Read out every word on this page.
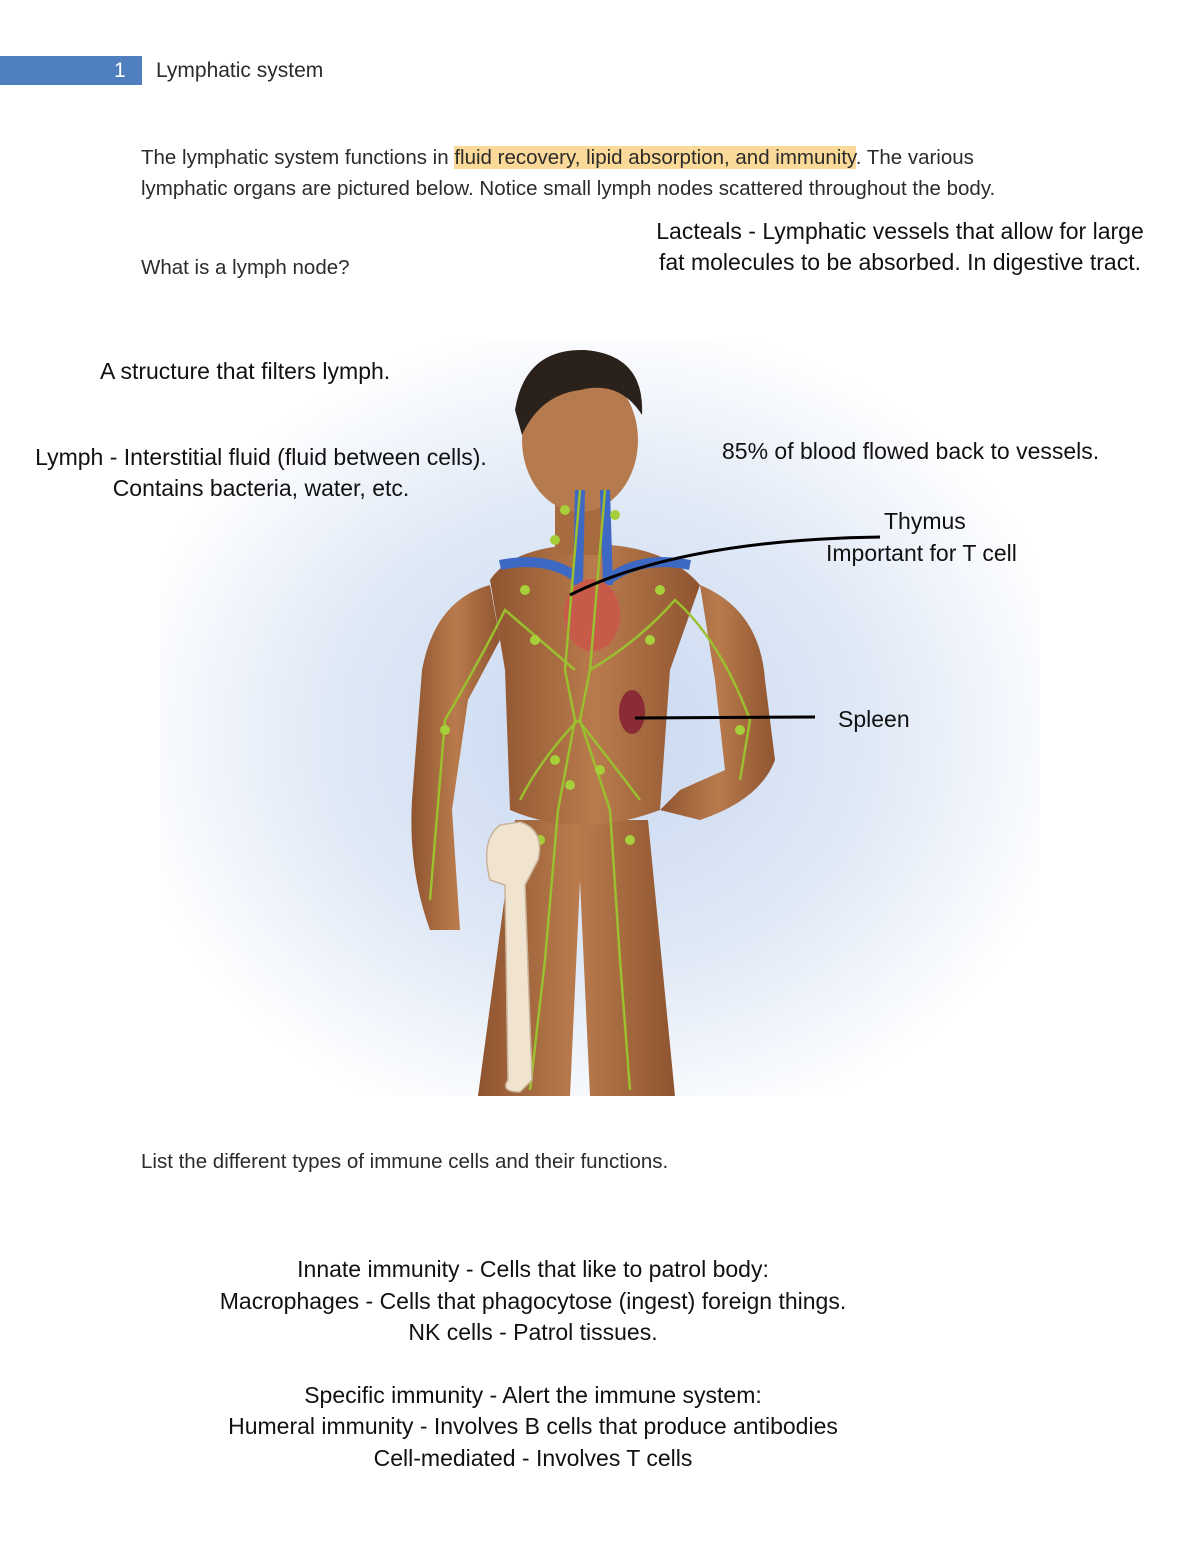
1 Lymphatic system

The lymphatic system functions in fluid recovery, lipid absorption, and immunity. The various lymphatic organs are pictured below. Notice small lymph nodes scattered throughout the body.

What is a lymph node?
Lacteals - Lymphatic vessels that allow for large
fat molecules to be absorbed. In digestive tract.
A structure that filters lymph.
Lymph - Interstitial fluid (fluid between cells).
Contains bacteria, water, etc.
85% of blood flowed back to vessels.
Thymus
Important for T cell
Spleen
List the different types of immune cells and their functions.
Innate immunity - Cells that like to patrol body:
Macrophages - Cells that phagocytose (ingest) foreign things.
NK cells - Patrol tissues.
Specific immunity - Alert the immune system:
Humeral immunity - Involves B cells that produce antibodies
Cell-mediated - Involves T cells
